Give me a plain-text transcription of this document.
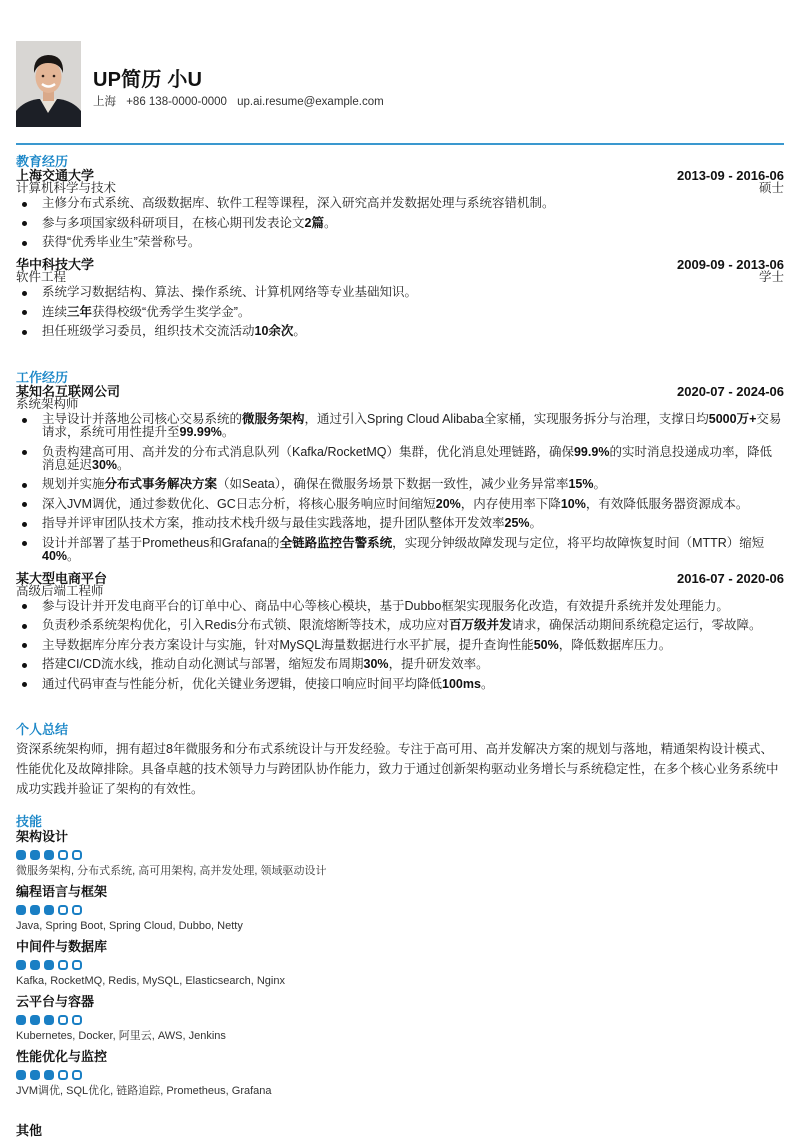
UP简历 小U
上海 +86 138-0000-0000 up.ai.resume@example.com
教育经历
上海交通大学
计算机科学与技术
2013-09 - 2016-06
硕士
主修分布式系统、高级数据库、软件工程等课程，深入研究高并发数据处理与系统容错机制。
参与多项国家级科研项目，在核心期刊发表论文2篇。
获得“优秀毕业生”荣誉称号。
华中科技大学
软件工程
2009-09 - 2013-06
学士
系统学习数据结构、算法、操作系统、计算机网络等专业基础知识。
连续三年获得校级“优秀学生奖学金”。
担任班级学习委员，组织技术交流活动10余次。
工作经历
某知名互联网公司
系统架构师
2020-07 - 2024-06
主导设计并落地公司核心交易系统的微服务架构，通过引入Spring Cloud Alibaba全家桶，实现服务拆分与治理，支撑日均5000万+交易请求，系统可用性提升至99.99%。
负责构建高可用、高并发的分布式消息队列（Kafka/RocketMQ）集群，优化消息处理链路，确保99.9%的实时消息投递成功率，降低消息延迟30%。
规划并实施分布式事务解决方案（如Seata），确保在微服务场景下数据一致性，减少业务异常率15%。
深入JVM调优，通过参数优化、GC日志分析，将核心服务响应时间缩短20%，内存使用率下降10%，有效降低服务器资源成本。
指导并评审团队技术方案，推动技术栈升级与最佳实践落地，提升团队整体开发效率25%。
设计并部署了基于Prometheus和Grafana的全链路监控告警系统，实现分钟级故障发现与定位，将平均故障恢复时间（MTTR）缩短40%。
某大型电商平台
高级后端工程师
2016-07 - 2020-06
参与设计并开发电商平台的订单中心、商品中心等核心模块，基于Dubbo框架实现服务化改造，有效提升系统并发处理能力。
负责秒杀系统架构优化，引入Redis分布式锁、限流熔断等技术，成功应对百万级并发请求，确保活动期间系统稳定运行，零故障。
主导数据库分库分表方案设计与实施，针对MySQL海量数据进行水平扩展，提升查询性能50%，降低数据库压力。
搭建CI/CD流水线，推动自动化测试与部署，缩短发布周期30%，提升研发效率。
通过代码审查与性能分析，优化关键业务逻辑，使接口响应时间平均降低100ms。
个人总结
资深系统架构师，拥有超过8年微服务和分布式系统设计与开发经验。专注于高可用、高并发解决方案的规划与落地，精通架构设计模式、性能优化及故障排除。具备卓越的技术领导力与跨团队协作能力，致力于通过创新架构驱动业务增长与系统稳定性，在多个核心业务系统中成功实践并验证了架构的有效性。
技能
架构设计
微服务架构, 分布式系统, 高可用架构, 高并发处理, 领域驱动设计
编程语言与框架
Java, Spring Boot, Spring Cloud, Dubbo, Netty
中间件与数据库
Kafka, RocketMQ, Redis, MySQL, Elasticsearch, Nginx
云平台与容器
Kubernetes, Docker, 阿里云, AWS, Jenkins
性能优化与监控
JVM调优, SQL优化, 链路追踪, Prometheus, Grafana
其他
